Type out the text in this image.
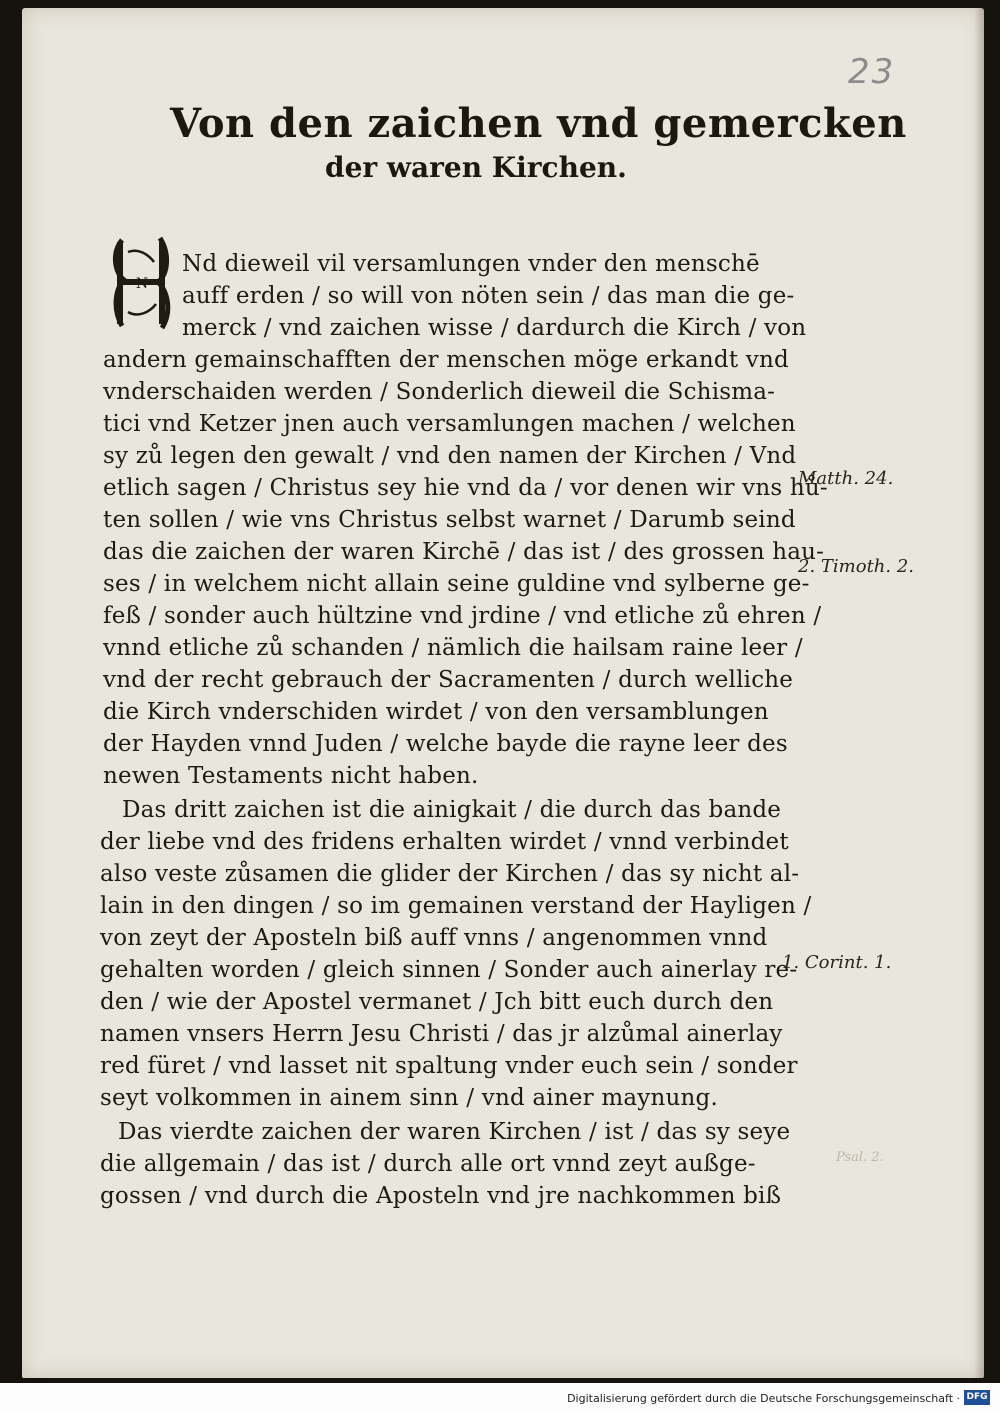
23
Von den zaichen vnd gemercken
der waren Kirchen.
N
Nd dieweil vil versamlungen vnder den menschē
auff erden / so will von nöten sein / das man die ge-
merck / vnd zaichen wisse / dardurch die Kirch / von
andern gemainschafften der menschen möge erkandt vnd
vnderschaiden werden / Sonderlich dieweil die Schisma-
tici vnd Ketzer jnen auch versamlungen machen / welchen
sy zů legen den gewalt / vnd den namen der Kirchen / Vnd
etlich sagen / Christus sey hie vnd da / vor denen wir vns hů-
ten sollen / wie vns Christus selbst warnet / Darumb seind
das die zaichen der waren Kirchē / das ist / des grossen hau-
ses / in welchem nicht allain seine guldine vnd sylberne ge-
feß / sonder auch hültzine vnd jrdine / vnd etliche zů ehren /
vnnd etliche zů schanden / nämlich die hailsam raine leer /
vnd der recht gebrauch der Sacramenten / durch welliche
die Kirch vnderschiden wirdet / von den versamblungen
der Hayden vnnd Juden / welche bayde die rayne leer des
newen Testaments nicht haben.
Das dritt zaichen ist die ainigkait / die durch das bande
der liebe vnd des fridens erhalten wirdet / vnnd verbindet
also veste zůsamen die glider der Kirchen / das sy nicht al-
lain in den dingen / so im gemainen verstand der Hayligen /
von zeyt der Aposteln biß auff vnns / angenommen vnnd
gehalten worden / gleich sinnen / Sonder auch ainerlay re-
den / wie der Apostel vermanet / Jch bitt euch durch den
namen vnsers Herrn Jesu Christi / das jr alzůmal ainerlay
red füret / vnd lasset nit spaltung vnder euch sein / sonder
seyt volkommen in ainem sinn / vnd ainer maynung.
Das vierdte zaichen der waren Kirchen / ist / das sy seye
die allgemain / das ist / durch alle ort vnnd zeyt außge-
gossen / vnd durch die Aposteln vnd jre nachkommen biß
Matth. 24.
2. Timoth. 2.
1. Corint. 1.
Psal. 2.
Digitalisierung gefördert durch die Deutsche Forschungsgemeinschaft · DFG
